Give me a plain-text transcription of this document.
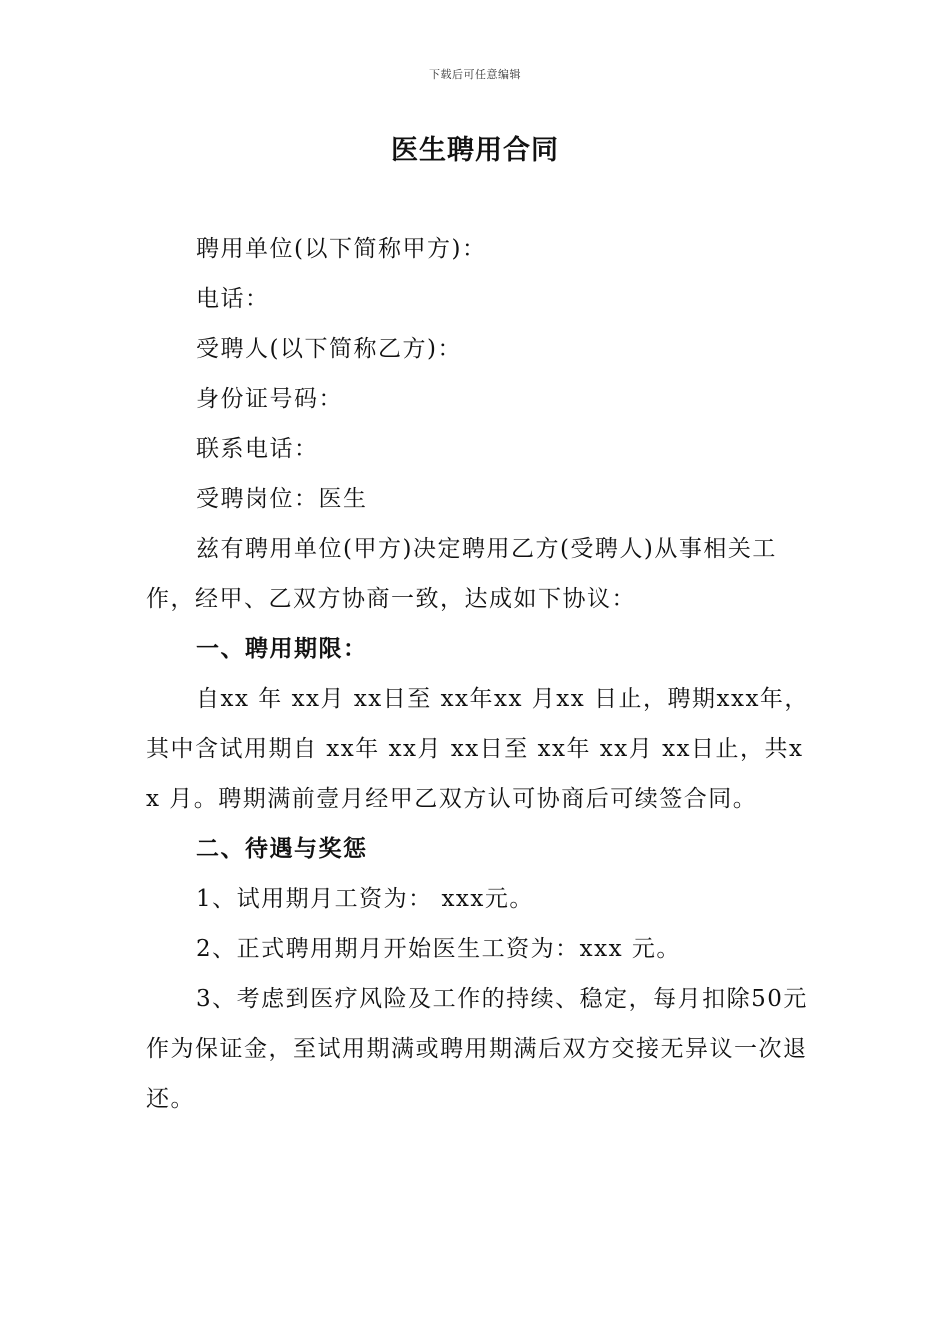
下载后可任意编辑
医生聘用合同

聘用单位(以下简称甲方)：

电话：

受聘人(以下简称乙方)：

身份证号码：

联系电话：

受聘岗位：医生

兹有聘用单位(甲方)决定聘用乙方(受聘人)从事相关工作，经甲、乙双方协商一致，达成如下协议：

一、聘用期限：

自xx 年 xx月 xx日至 xx年xx 月xx 日止，聘期xxx年，其中含试用期自 xx年 xx月 xx日至 xx年 xx月 xx日止，共xx 月。聘期满前壹月经甲乙双方认可协商后可续签合同。

二、待遇与奖惩

1、试用期月工资为： xxx元。

2、正式聘用期月开始医生工资为：xxx 元。

3、考虑到医疗风险及工作的持续、稳定，每月扣除50元作为保证金，至试用期满或聘用期满后双方交接无异议一次退还。
